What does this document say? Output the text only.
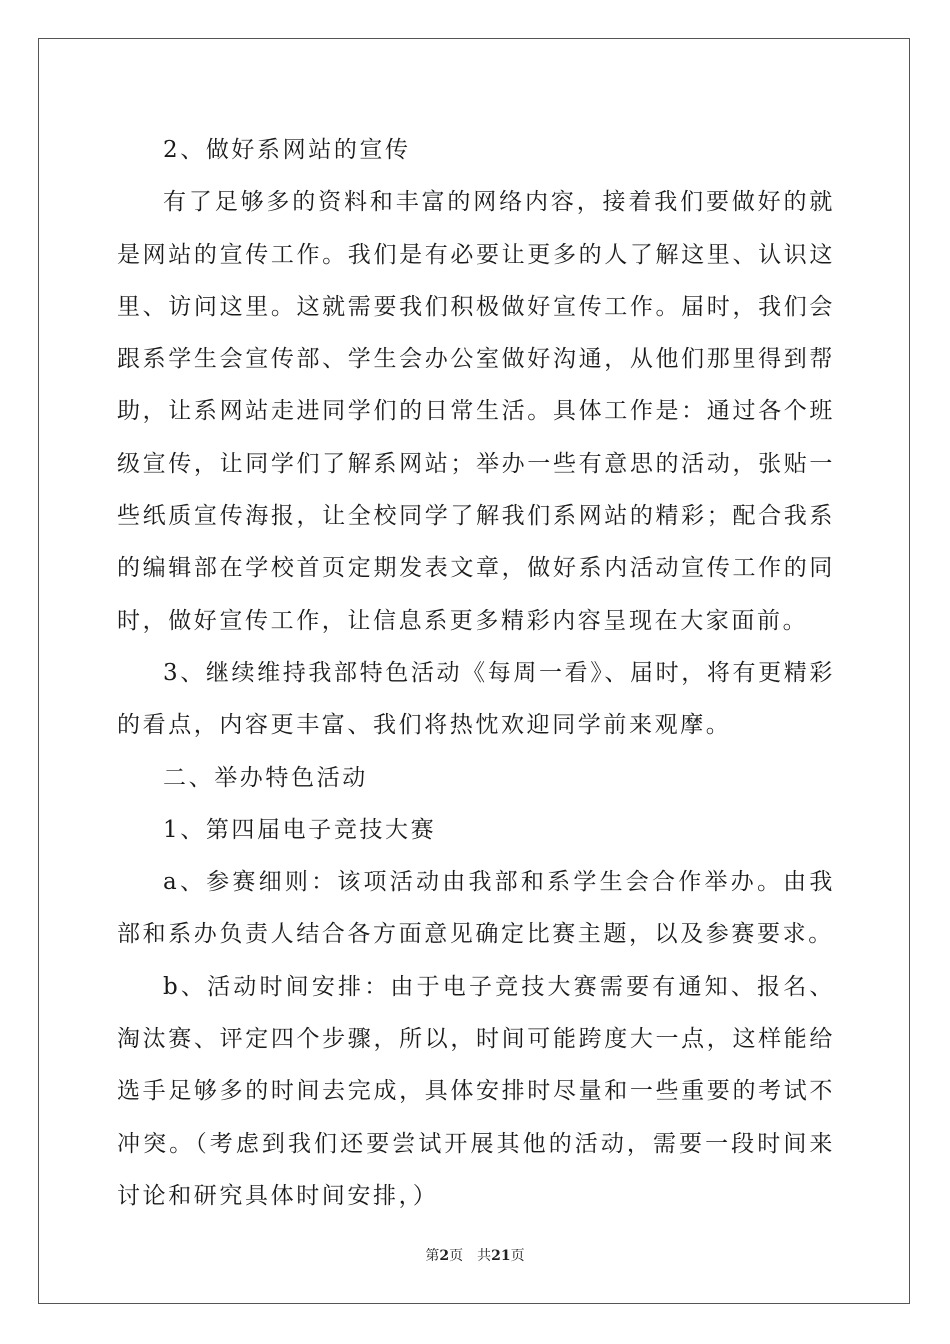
2、做好系网站的宣传

有了足够多的资料和丰富的网络内容，接着我们要做好的就是网站的宣传工作。我们是有必要让更多的人了解这里、认识这里、访问这里。这就需要我们积极做好宣传工作。届时，我们会跟系学生会宣传部、学生会办公室做好沟通，从他们那里得到帮助，让系网站走进同学们的日常生活。具体工作是：通过各个班级宣传，让同学们了解系网站；举办一些有意思的活动，张贴一些纸质宣传海报，让全校同学了解我们系网站的精彩；配合我系的编辑部在学校首页定期发表文章，做好系内活动宣传工作的同时，做好宣传工作，让信息系更多精彩内容呈现在大家面前。

3、继续维持我部特色活动《每周一看》、届时，将有更精彩的看点，内容更丰富、我们将热忱欢迎同学前来观摩。

二、举办特色活动

1、第四届电子竞技大赛

a、参赛细则：该项活动由我部和系学生会合作举办。由我部和系办负责人结合各方面意见确定比赛主题，以及参赛要求。

b、活动时间安排：由于电子竞技大赛需要有通知、报名、淘汰赛、评定四个步骤，所以，时间可能跨度大一点，这样能给选手足够多的时间去完成，具体安排时尽量和一些重要的考试不冲突。（考虑到我们还要尝试开展其他的活动，需要一段时间来讨论和研究具体时间安排，）

第2页 共21页
